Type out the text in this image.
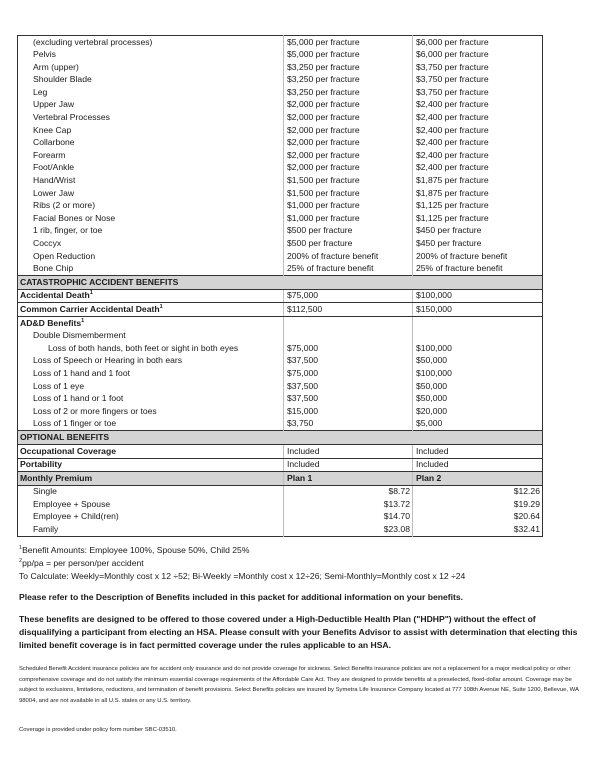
(excluding vertebral processes)	$5,000 per fracture	$6,000 per fracture
Pelvis	$5,000 per fracture	$6,000 per fracture
Arm (upper)	$3,250 per fracture	$3,750 per fracture
Shoulder Blade	$3,250 per fracture	$3,750 per fracture
Leg	$3,250 per fracture	$3,750 per fracture
Upper Jaw	$2,000 per fracture	$2,400 per fracture
Vertebral Processes	$2,000 per fracture	$2,400 per fracture
Knee Cap	$2,000 per fracture	$2,400 per fracture
Collarbone	$2,000 per fracture	$2,400 per fracture
Forearm	$2,000 per fracture	$2,400 per fracture
Foot/Ankle	$2,000 per fracture	$2,400 per fracture
Hand/Wrist	$1,500 per fracture	$1,875 per fracture
Lower Jaw	$1,500 per fracture	$1,875 per fracture
Ribs (2 or more)	$1,000 per fracture	$1,125 per fracture
Facial Bones or Nose	$1,000 per fracture	$1,125 per fracture
1 rib, finger, or toe	$500 per fracture	$450 per fracture
Coccyx	$500 per fracture	$450 per fracture
Open Reduction	200% of fracture benefit	200% of fracture benefit
Bone Chip	25% of fracture benefit	25% of fracture benefit
CATASTROPHIC ACCIDENT BENEFITS		
Accidental Death$^1$	$75,000	$100,000
Common Carrier Accidental Death$^1$	$112,500	$150,000
AD&D Benefits$^1$		
Double Dismemberment		
Loss of both hands, both feet or sight in both eyes	$75,000	$100,000
Loss of Speech or Hearing in both ears	$37,500	$50,000
Loss of 1 hand and 1 foot	$75,000	$100,000
Loss of 1 eye	$37,500	$50,000
Loss of 1 hand or 1 foot	$37,500	$50,000
Loss of 2 or more fingers or toes	$15,000	$20,000
Loss of 1 finger or toe	$3,750	$5,000
OPTIONAL BENEFITS		
Occupational Coverage	Included	Included
Portability	Included	Included
Monthly Premium	Plan 1	Plan 2
Single	$8.72	$12.26
Employee + Spouse	$13.72	$19.29
Employee + Child(ren)	$14.70	$20.64
Family	$23.08	$32.41

$^1$Benefit Amounts: Employee 100%, Spouse 50%, Child 25%

$^2$pp/pa = per person/per accident

To Calculate: Weekly=Monthly cost x 12 ÷52; Bi-Weekly =Monthly cost x 12÷26; Semi-Monthly=Monthly cost x 12 ÷24

Please refer to the Description of Benefits included in this packet for additional information on your benefits.
These benefits are designed to be offered to those covered under a High-Deductible Health Plan ("HDHP") without the effect of disqualifying a participant from electing an HSA. Please consult with your Benefits Advisor to assist with determination that electing this limited benefit coverage is in fact permitted coverage under the rules applicable to an HSA.
Scheduled Benefit Accident insurance policies are for accident only insurance and do not provide coverage for sickness. Select Benefits insurance policies are not a replacement for a major medical policy or other comprehensive coverage and do not satisfy the minimum essential coverage requirements of the Affordable Care Act. They are designed to provide benefits at a preselected, fixed-dollar amount. Coverage may be subject to exclusions, limitations, reductions, and termination of benefit provisions. Select Benefits policies are insured by Symetra Life Insurance Company located at 777 108th Avenue NE, Suite 1200, Bellevue, WA 98004, and are not available in all U.S. states or any U.S. territory.
Coverage is provided under policy form number SBC-03510.
